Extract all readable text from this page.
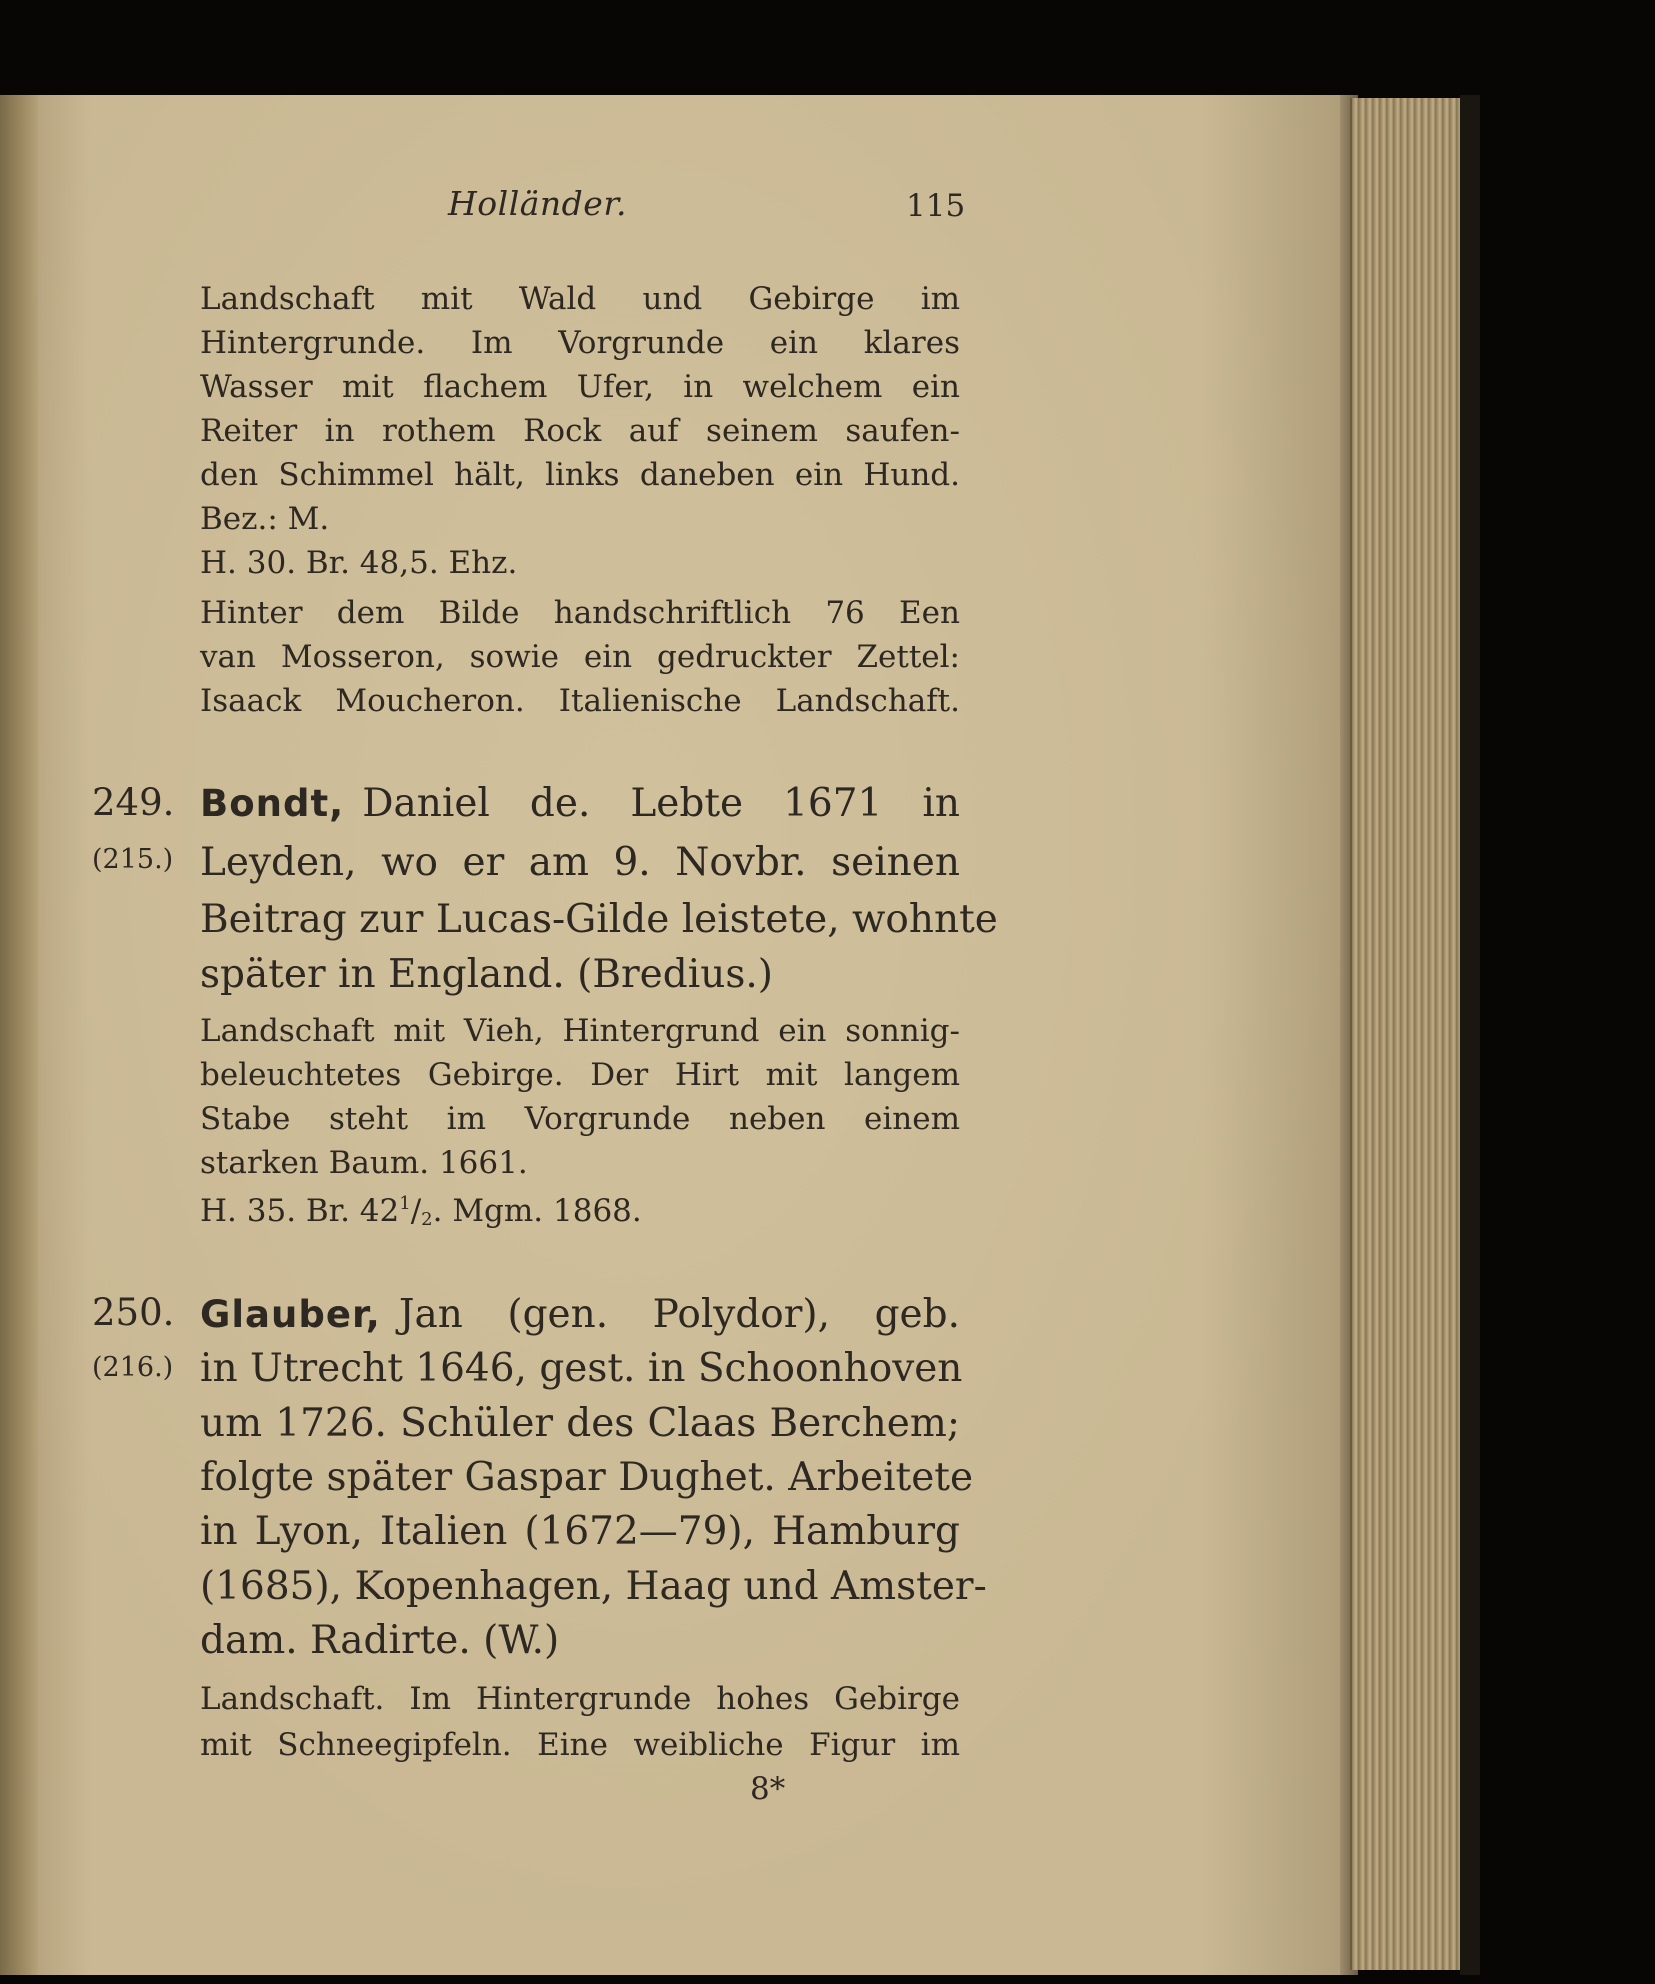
Holländer.	115
Landschaft mit Wald und Gebirge im
Hintergrunde. Im Vorgrunde ein klares
Wasser mit flachem Ufer, in welchem ein
Reiter in rothem Rock auf seinem saufen-
den Schimmel hält, links daneben ein Hund.
Bez.: M.
H. 30. Br. 48,5. Ehz.
Hinter dem Bilde handschriftlich 76 Een
van Mosseron, sowie ein gedruckter Zettel:
Isaack Moucheron. Italienische Landschaft.
249.
(215.)
Bondt, Daniel de. Lebte 1671 in
Leyden, wo er am 9. Novbr. seinen
Beitrag zur Lucas-Gilde leistete, wohnte
später in England. (Bredius.)
Landschaft mit Vieh, Hintergrund ein sonnig-
beleuchtetes Gebirge. Der Hirt mit langem
Stabe steht im Vorgrunde neben einem
starken Baum. 1661.
H. 35. Br. $42^1/_2$. Mgm. 1868.
250.
(216.)
Glauber, Jan (gen. Polydor), geb.
in Utrecht 1646, gest. in Schoonhoven
um 1726. Schüler des Claas Berchem;
folgte später Gaspar Dughet. Arbeitete
in Lyon, Italien (1672—79), Hamburg
(1685), Kopenhagen, Haag und Amster-
dam. Radirte. (W.)
Landschaft. Im Hintergrunde hohes Gebirge
mit Schneegipfeln. Eine weibliche Figur im
8*
